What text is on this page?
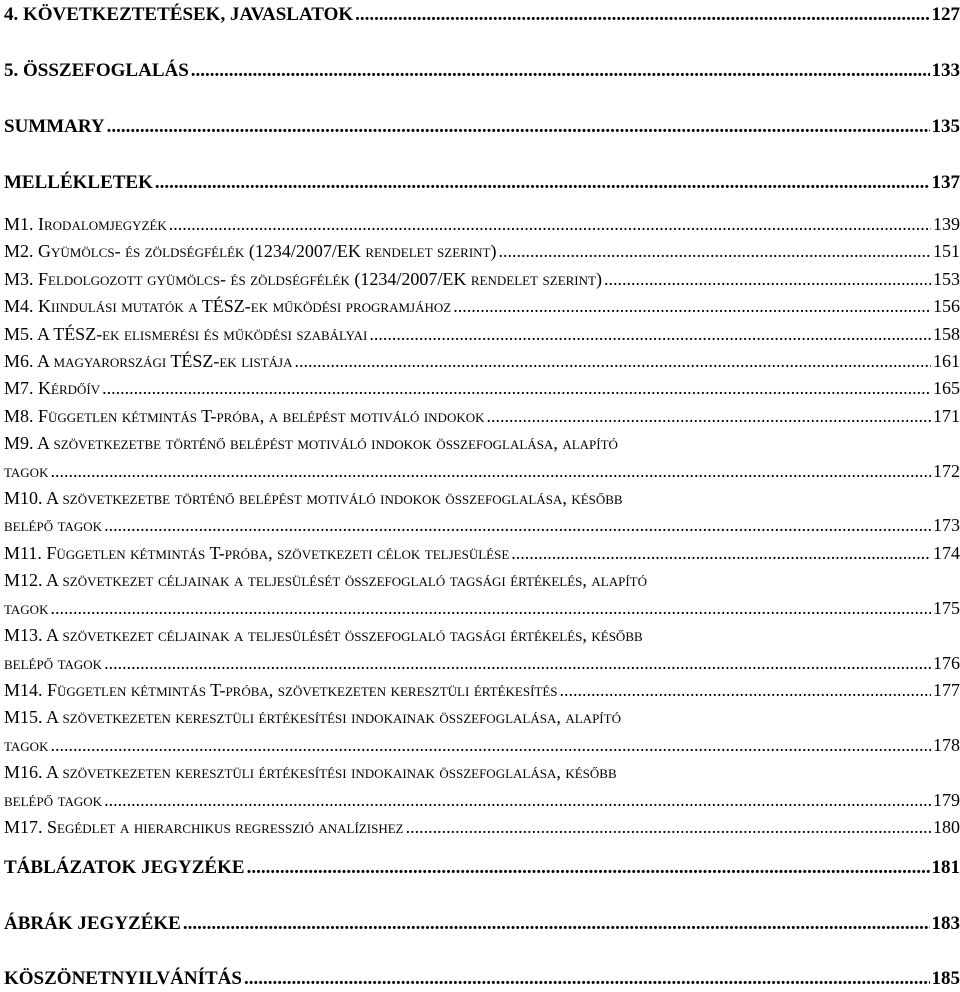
4. KÖVETKEZTETÉSEK, JAVASLATOK .....	127
5. ÖSSZEFOGLALÁS .....	133
SUMMARY .....	135
MELLÉKLETEK .....	137
M1. Irodalomjegyzék .....	139
M2. Gyümölcs- és zöldségfélék (1234/2007/EK rendelet szerint) .....	151
M3. Feldolgozott gyümölcs- és zöldségfélék (1234/2007/EK rendelet szerint) .....	153
M4. Kiindulási mutatók a TÉSZ-ek működési programjához .....	156
M5. A TÉSZ-ek elismerési és működési szabályai .....	158
M6. A magyarországi TÉSZ-ek listája .....	161
M7. Kérdőív .....	165
M8. Független kétmintás T-próba, a belépést motiváló indokok .....	171
M9. A szövetkezetbe történő belépést motiváló indokok összefoglalása, alapító
tagok .....	172
M10. A szövetkezetbe történő belépést motiváló indokok összefoglalása, később
belépő tagok .....	173
M11. Független kétmintás T-próba, szövetkezeti célok teljesülése .....	174
M12. A szövetkezet céljainak a teljesülését összefoglaló tagsági értékelés, alapító
tagok .....	175
M13. A szövetkezet céljainak a teljesülését összefoglaló tagsági értékelés, később
belépő tagok .....	176
M14. Független kétmintás T-próba, szövetkezeten keresztüli értékesítés .....	177
M15. A szövetkezeten keresztüli értékesítési indokainak összefoglalása, alapító
tagok .....	178
M16. A szövetkezeten keresztüli értékesítési indokainak összefoglalása, később
belépő tagok .....	179
M17. Segédlet a hierarchikus regresszió analízishez .....	180
TÁBLÁZATOK JEGYZÉKE .....	181
ÁBRÁK JEGYZÉKE .....	183
KÖSZÖNETNYILVÁNÍTÁS .....	185
